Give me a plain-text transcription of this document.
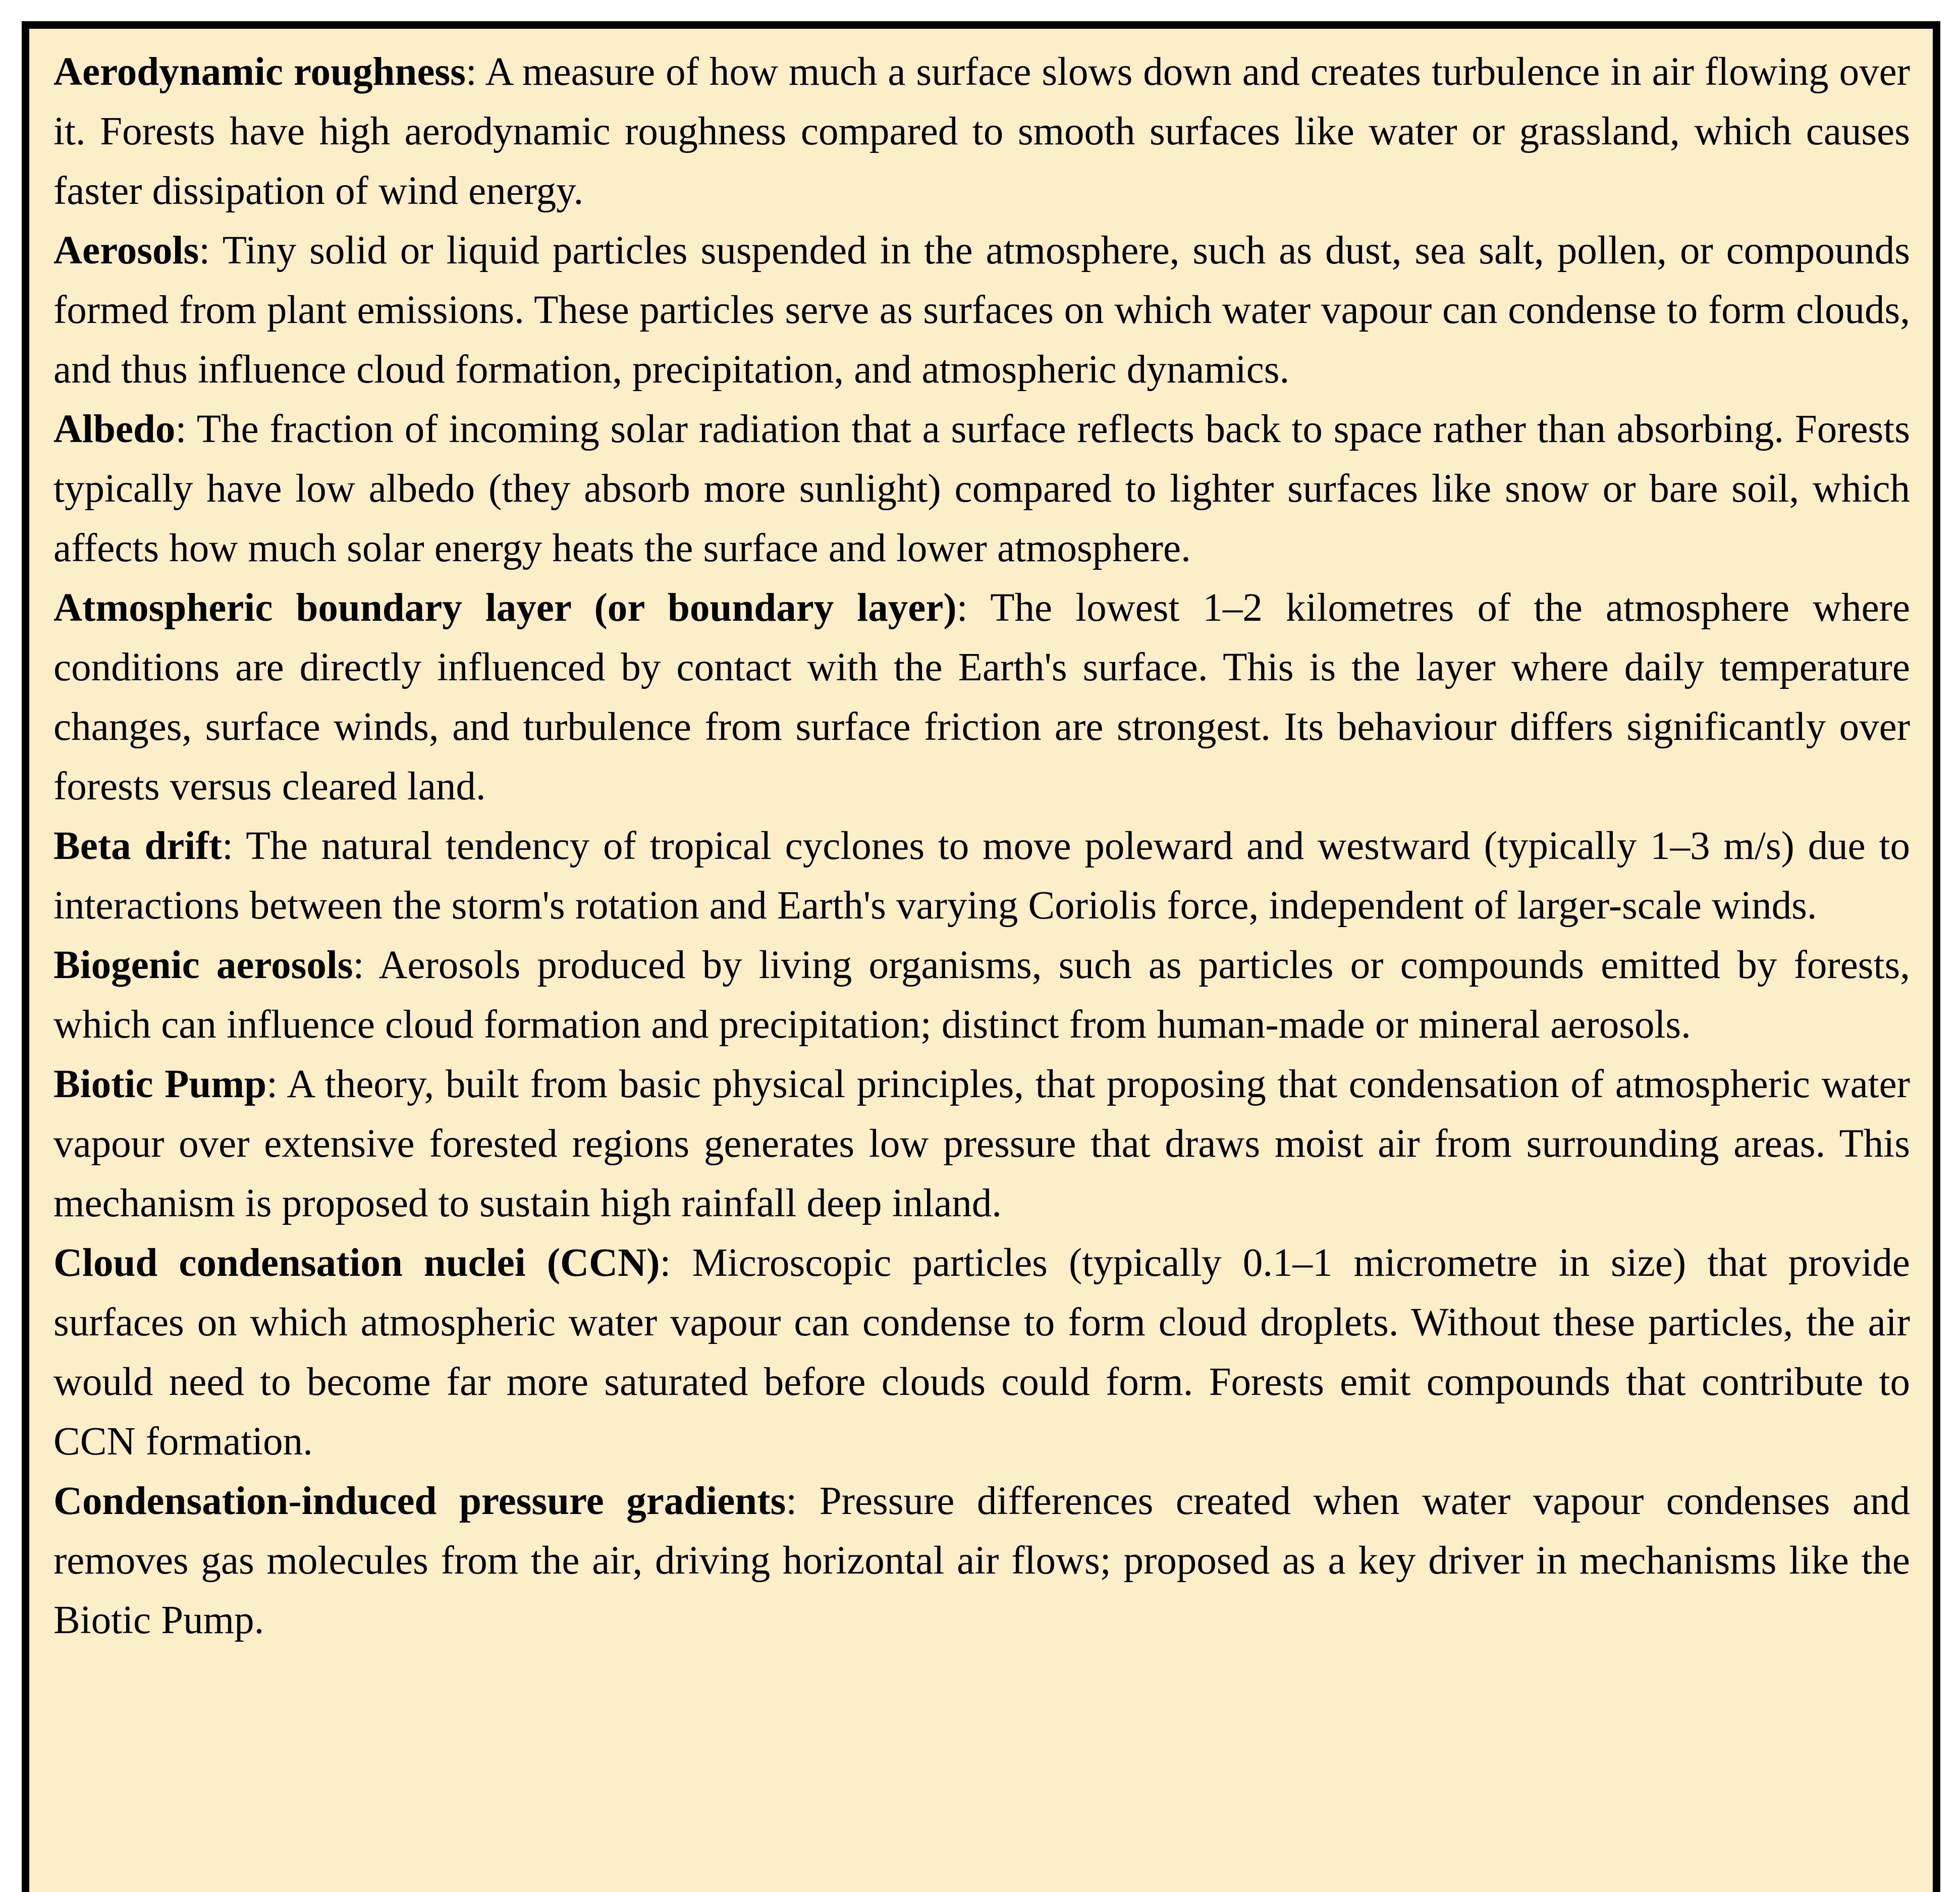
Aerodynamic roughness: A measure of how much a surface slows down and creates turbulence in air flowing over it. Forests have high aerodynamic roughness compared to smooth surfaces like water or grassland, which causes faster dissipation of wind energy.

Aerosols: Tiny solid or liquid particles suspended in the atmosphere, such as dust, sea salt, pollen, or compounds formed from plant emissions. These particles serve as surfaces on which water vapour can condense to form clouds, and thus influence cloud formation, precipitation, and atmospheric dynamics.

Albedo: The fraction of incoming solar radiation that a surface reflects back to space rather than absorbing. Forests typically have low albedo (they absorb more sunlight) compared to lighter surfaces like snow or bare soil, which affects how much solar energy heats the surface and lower atmosphere.

Atmospheric boundary layer (or boundary layer): The lowest 1–2 kilometres of the atmosphere where conditions are directly influenced by contact with the Earth's surface. This is the layer where daily temperature changes, surface winds, and turbulence from surface friction are strongest. Its behaviour differs significantly over forests versus cleared land.

Beta drift: The natural tendency of tropical cyclones to move poleward and westward (typically 1–3 m/s) due to interactions between the storm's rotation and Earth's varying Coriolis force, independent of larger-scale winds.

Biogenic aerosols: Aerosols produced by living organisms, such as particles or compounds emitted by forests, which can influence cloud formation and precipitation; distinct from human-made or mineral aerosols.

Biotic Pump: A theory, built from basic physical principles, that proposing that condensation of atmospheric water vapour over extensive forested regions generates low pressure that draws moist air from surrounding areas. This mechanism is proposed to sustain high rainfall deep inland.

Cloud condensation nuclei (CCN): Microscopic particles (typically 0.1–1 micrometre in size) that provide surfaces on which atmospheric water vapour can condense to form cloud droplets. Without these particles, the air would need to become far more saturated before clouds could form. Forests emit compounds that contribute to CCN formation.

Condensation-induced pressure gradients: Pressure differences created when water vapour condenses and removes gas molecules from the air, driving horizontal air flows; proposed as a key driver in mechanisms like the Biotic Pump.
